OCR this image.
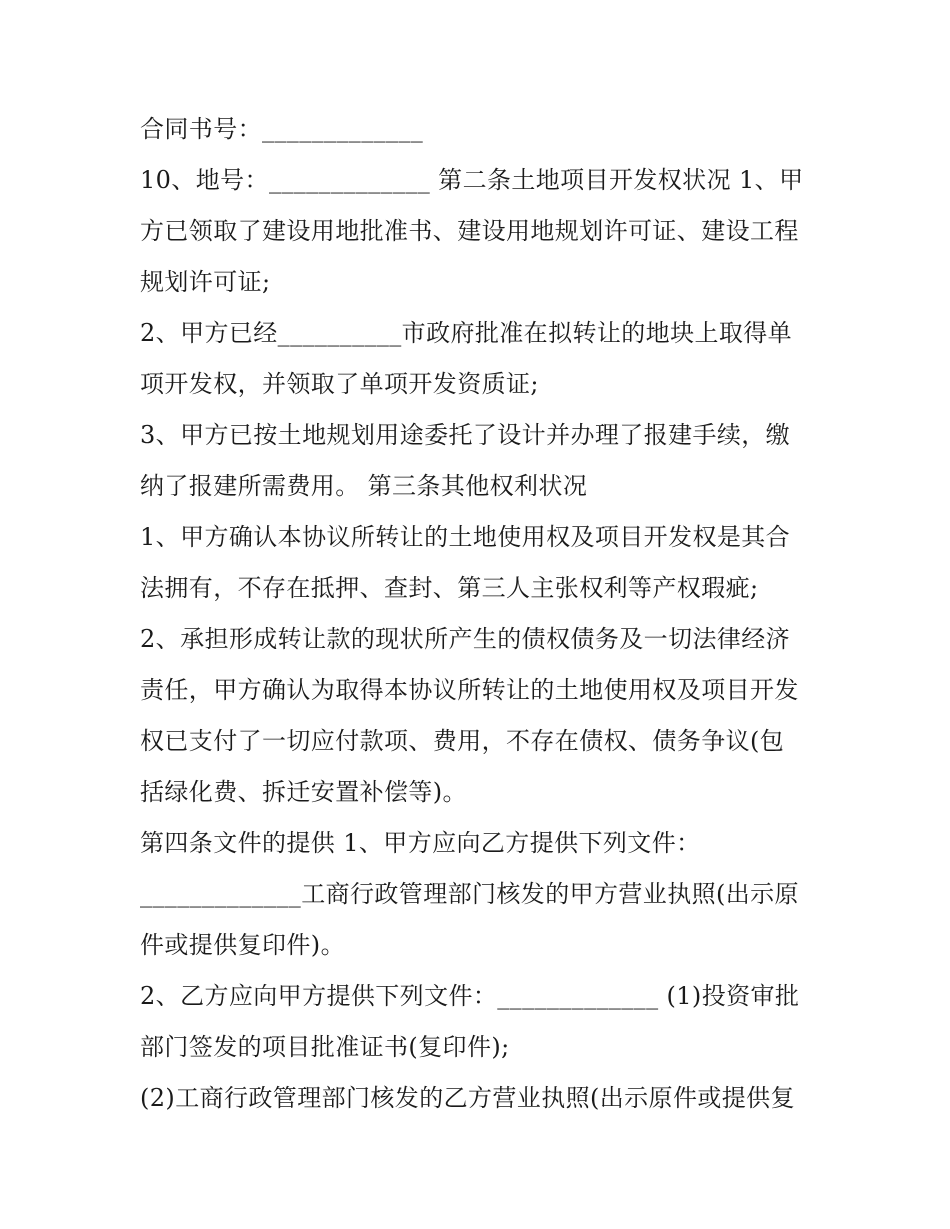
合同书号：_____________
10、地号：_____________ 第二条土地项目开发权状况 1、甲
方已领取了建设用地批准书、建设用地规划许可证、建设工程
规划许可证;
2、甲方已经__________市政府批准在拟转让的地块上取得单
项开发权，并领取了单项开发资质证;
3、甲方已按土地规划用途委托了设计并办理了报建手续，缴
纳了报建所需费用。 第三条其他权利状况
1、甲方确认本协议所转让的土地使用权及项目开发权是其合
法拥有，不存在抵押、查封、第三人主张权利等产权瑕疵;
2、承担形成转让款的现状所产生的债权债务及一切法律经济
责任，甲方确认为取得本协议所转让的土地使用权及项目开发
权已支付了一切应付款项、费用，不存在债权、债务争议(包
括绿化费、拆迁安置补偿等)。
第四条文件的提供 1、甲方应向乙方提供下列文件：
_____________工商行政管理部门核发的甲方营业执照(出示原
件或提供复印件)。
2、乙方应向甲方提供下列文件：_____________ (1)投资审批
部门签发的项目批准证书(复印件);
(2)工商行政管理部门核发的乙方营业执照(出示原件或提供复
